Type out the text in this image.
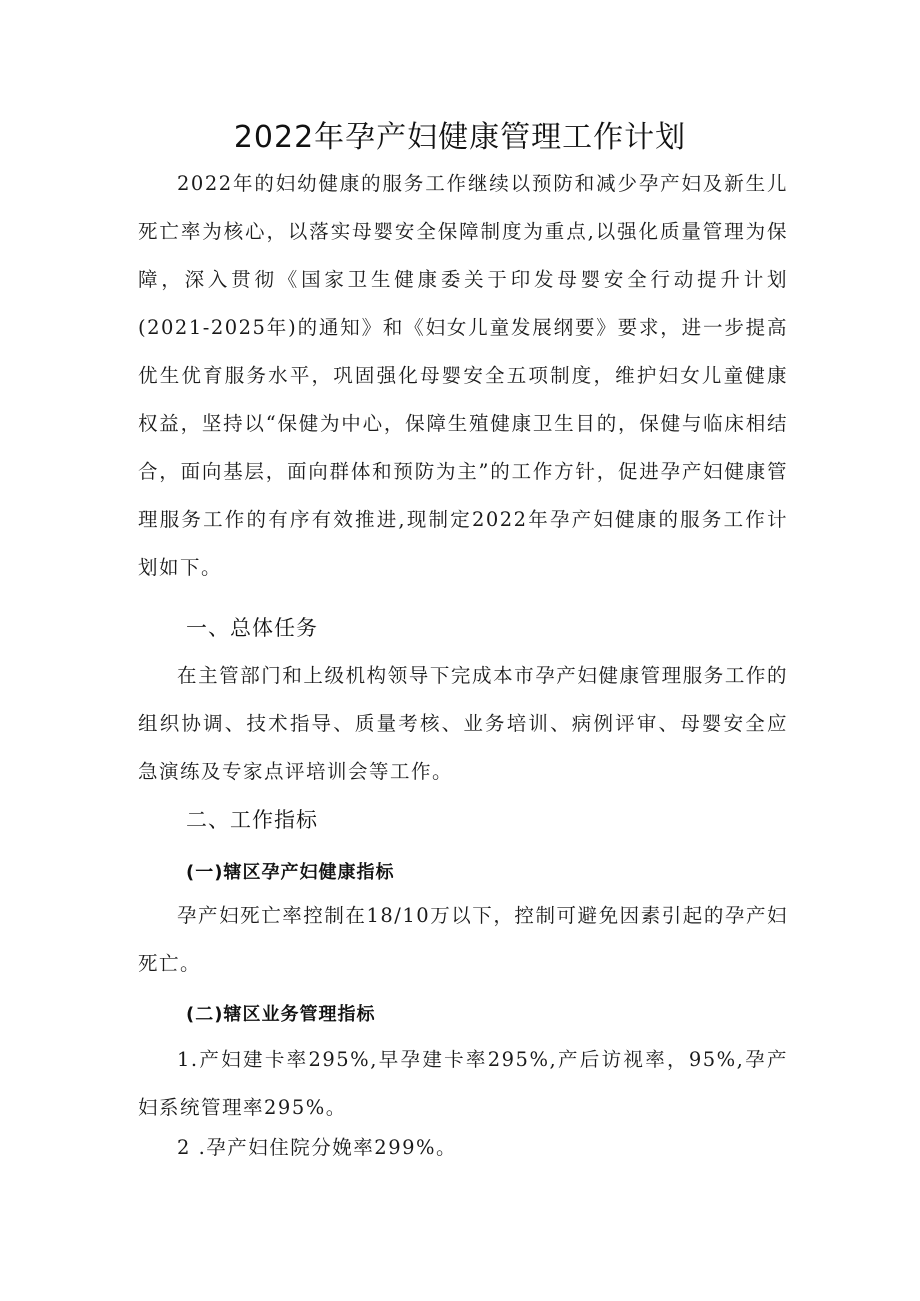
2022年孕产妇健康管理工作计划

2022年的妇幼健康的服务工作继续以预防和减少孕产妇及新生儿死亡率为核心，以落实母婴安全保障制度为重点,以强化质量管理为保障，深入贯彻《国家卫生健康委关于印发母婴安全行动提升计划(2021-2025年)的通知》和《妇女儿童发展纲要》要求，进一步提高优生优育服务水平，巩固强化母婴安全五项制度，维护妇女儿童健康权益，坚持以“保健为中心，保障生殖健康卫生目的，保健与临床相结合，面向基层，面向群体和预防为主”的工作方针，促进孕产妇健康管理服务工作的有序有效推进,现制定2022年孕产妇健康的服务工作计划如下。

一、总体任务

在主管部门和上级机构领导下完成本市孕产妇健康管理服务工作的组织协调、技术指导、质量考核、业务培训、病例评审、母婴安全应急演练及专家点评培训会等工作。

二、工作指标
(一)辖区孕产妇健康指标

孕产妇死亡率控制在18/10万以下，控制可避免因素引起的孕产妇死亡。

(二)辖区业务管理指标

1.产妇建卡率295%,早孕建卡率295%,产后访视率，95%,孕产妇系统管理率295%。

2 .孕产妇住院分娩率299%。
